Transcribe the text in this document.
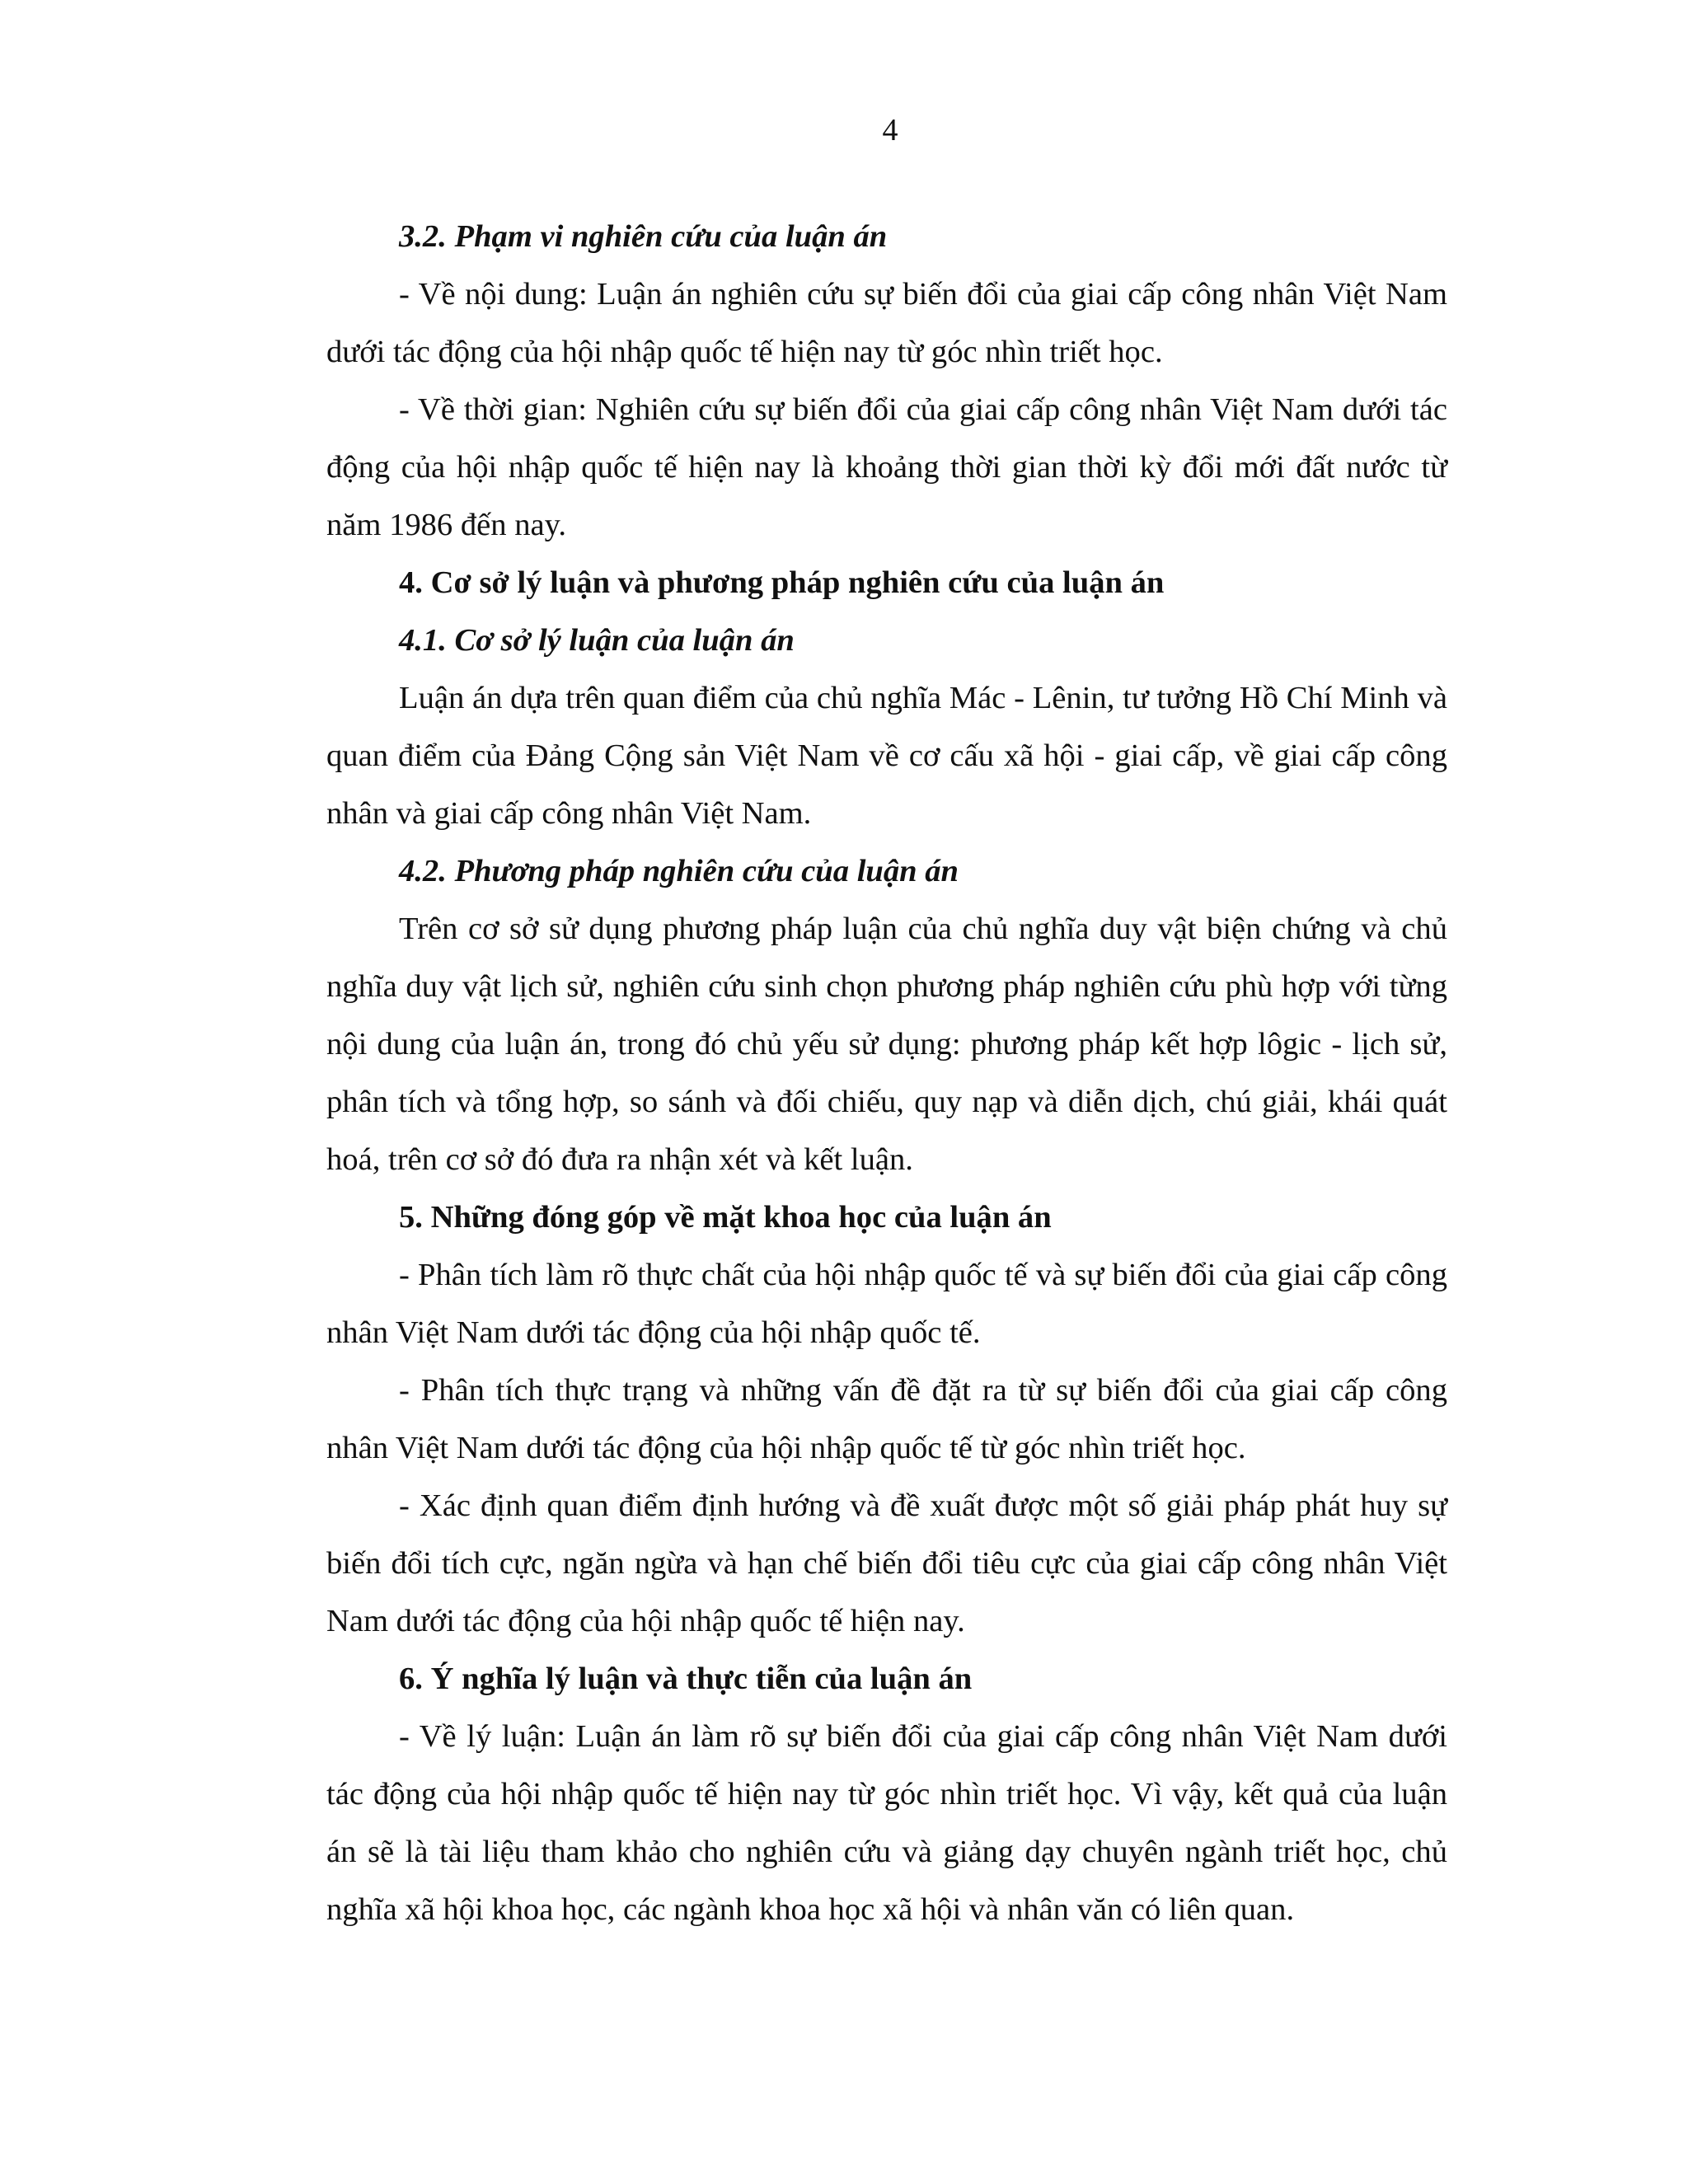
4

3.2. Phạm vi nghiên cứu của luận án

- Về nội dung: Luận án nghiên cứu sự biến đổi của giai cấp công nhân Việt Nam dưới tác động của hội nhập quốc tế hiện nay từ góc nhìn triết học.

- Về thời gian: Nghiên cứu sự biến đổi của giai cấp công nhân Việt Nam dưới tác động của hội nhập quốc tế hiện nay là khoảng thời gian thời kỳ đổi mới đất nước từ năm 1986 đến nay.

4. Cơ sở lý luận và phương pháp nghiên cứu của luận án

4.1. Cơ sở lý luận của luận án

Luận án dựa trên quan điểm của chủ nghĩa Mác - Lênin, tư tưởng Hồ Chí Minh và quan điểm của Đảng Cộng sản Việt Nam về cơ cấu xã hội - giai cấp, về giai cấp công nhân và giai cấp công nhân Việt Nam.

4.2. Phương pháp nghiên cứu của luận án

Trên cơ sở sử dụng phương pháp luận của chủ nghĩa duy vật biện chứng và chủ nghĩa duy vật lịch sử, nghiên cứu sinh chọn phương pháp nghiên cứu phù hợp với từng nội dung của luận án, trong đó chủ yếu sử dụng: phương pháp kết hợp lôgic - lịch sử, phân tích và tổng hợp, so sánh và đối chiếu, quy nạp và diễn dịch, chú giải, khái quát hoá, trên cơ sở đó đưa ra nhận xét và kết luận.

5. Những đóng góp về mặt khoa học của luận án

- Phân tích làm rõ thực chất của hội nhập quốc tế và sự biến đổi của giai cấp công nhân Việt Nam dưới tác động của hội nhập quốc tế.

- Phân tích thực trạng và những vấn đề đặt ra từ sự biến đổi của giai cấp công nhân Việt Nam dưới tác động của hội nhập quốc tế từ góc nhìn triết học.

- Xác định quan điểm định hướng và đề xuất được một số giải pháp phát huy sự biến đổi tích cực, ngăn ngừa và hạn chế biến đổi tiêu cực của giai cấp công nhân Việt Nam dưới tác động của hội nhập quốc tế hiện nay.

6. Ý nghĩa lý luận và thực tiễn của luận án

- Về lý luận: Luận án làm rõ sự biến đổi của giai cấp công nhân Việt Nam dưới tác động của hội nhập quốc tế hiện nay từ góc nhìn triết học. Vì vậy, kết quả của luận án sẽ là tài liệu tham khảo cho nghiên cứu và giảng dạy chuyên ngành triết học, chủ nghĩa xã hội khoa học, các ngành khoa học xã hội và nhân văn có liên quan.
